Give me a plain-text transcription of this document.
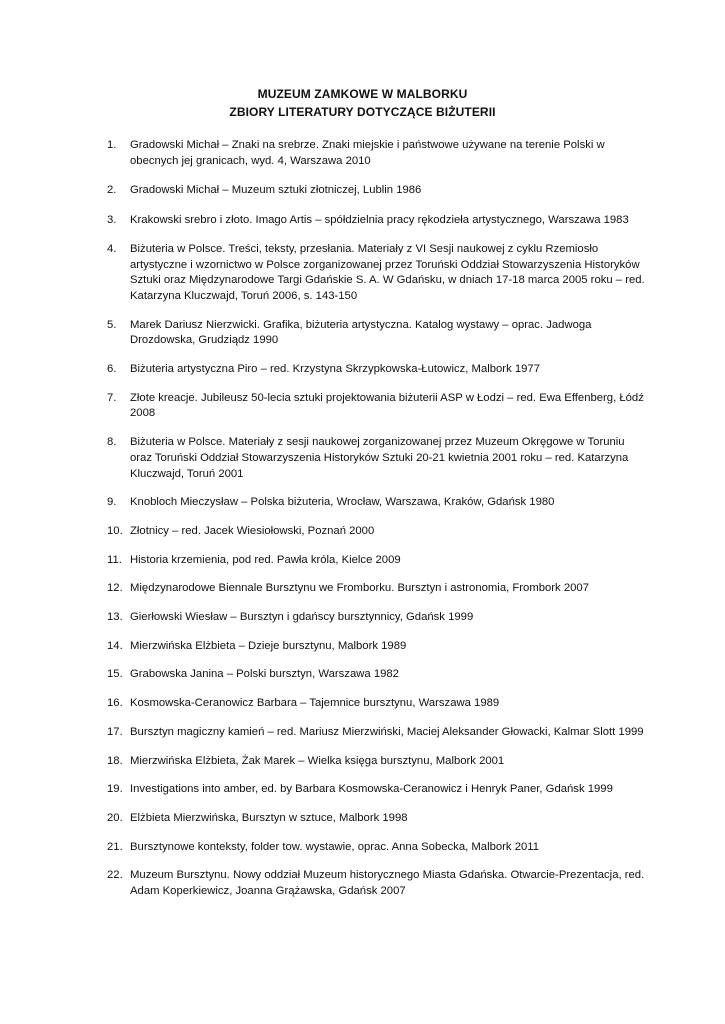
MUZEUM ZAMKOWE W MALBORKU
ZBIORY LITERATURY DOTYCZĄCE BIŻUTERII
1. Gradowski Michał – Znaki na srebrze. Znaki miejskie i państwowe używane na terenie Polski w obecnych jej granicach, wyd. 4, Warszawa 2010
2. Gradowski Michał – Muzeum sztuki złotniczej, Lublin 1986
3. Krakowski srebro i złoto. Imago Artis – spółdzielnia pracy rękodzieła artystycznego, Warszawa 1983
4. Biżuteria w Polsce. Treści, teksty, przesłania. Materiały z VI Sesji naukowej z cyklu Rzemiosło artystyczne i wzornictwo w Polsce zorganizowanej przez Toruński Oddział Stowarzyszenia Historyków Sztuki oraz Międzynarodowe Targi Gdańskie S. A. W Gdańsku, w dniach 17-18 marca 2005 roku – red. Katarzyna Kluczwajd, Toruń 2006, s. 143-150
5. Marek Dariusz Nierzwicki. Grafika, biżuteria artystyczna. Katalog wystawy – oprac. Jadwoga Drozdowska, Grudziądz 1990
6. Biżuteria artystyczna Piro – red. Krzystyna Skrzypkowska-Łutowicz, Malbork 1977
7. Złote kreacje. Jubileusz 50-lecia sztuki projektowania biżuterii ASP w Łodzi – red. Ewa Effenberg, Łódź 2008
8. Biżuteria w Polsce. Materiały z sesji naukowej zorganizowanej przez Muzeum Okręgowe w Toruniu oraz Toruński Oddział Stowarzyszenia Historyków Sztuki 20-21 kwietnia 2001 roku – red. Katarzyna Kluczwajd, Toruń 2001
9. Knobloch Mieczysław – Polska biżuteria, Wrocław, Warszawa, Kraków, Gdańsk 1980
10. Złotnicy – red. Jacek Wiesiołowski, Poznań 2000
11. Historia krzemienia, pod red. Pawła króla, Kielce 2009
12. Międzynarodowe Biennale Bursztynu we Fromborku. Bursztyn i astronomia, Frombork 2007
13. Gierłowski Wiesław – Bursztyn i gdańscy bursztynnicy, Gdańsk 1999
14. Mierzwińska Elżbieta – Dzieje bursztynu, Malbork 1989
15. Grabowska Janina – Polski bursztyn, Warszawa 1982
16. Kosmowska-Ceranowicz Barbara – Tajemnice bursztynu, Warszawa 1989
17. Bursztyn magiczny kamień – red. Mariusz Mierzwiński, Maciej Aleksander Głowacki, Kalmar Slott 1999
18. Mierzwińska Elżbieta, Żak Marek – Wielka księga bursztynu, Malbork 2001
19. Investigations into amber, ed. by Barbara Kosmowska-Ceranowicz i Henryk Paner, Gdańsk 1999
20. Elżbieta Mierzwińska, Bursztyn w sztuce, Malbork 1998
21. Bursztynowe konteksty, folder tow. wystawie, oprac. Anna Sobecka, Malbork 2011
22. Muzeum Bursztynu. Nowy oddział Muzeum historycznego Miasta Gdańska. Otwarcie-Prezentacja, red. Adam Koperkiewicz, Joanna Grążawska, Gdańsk 2007
